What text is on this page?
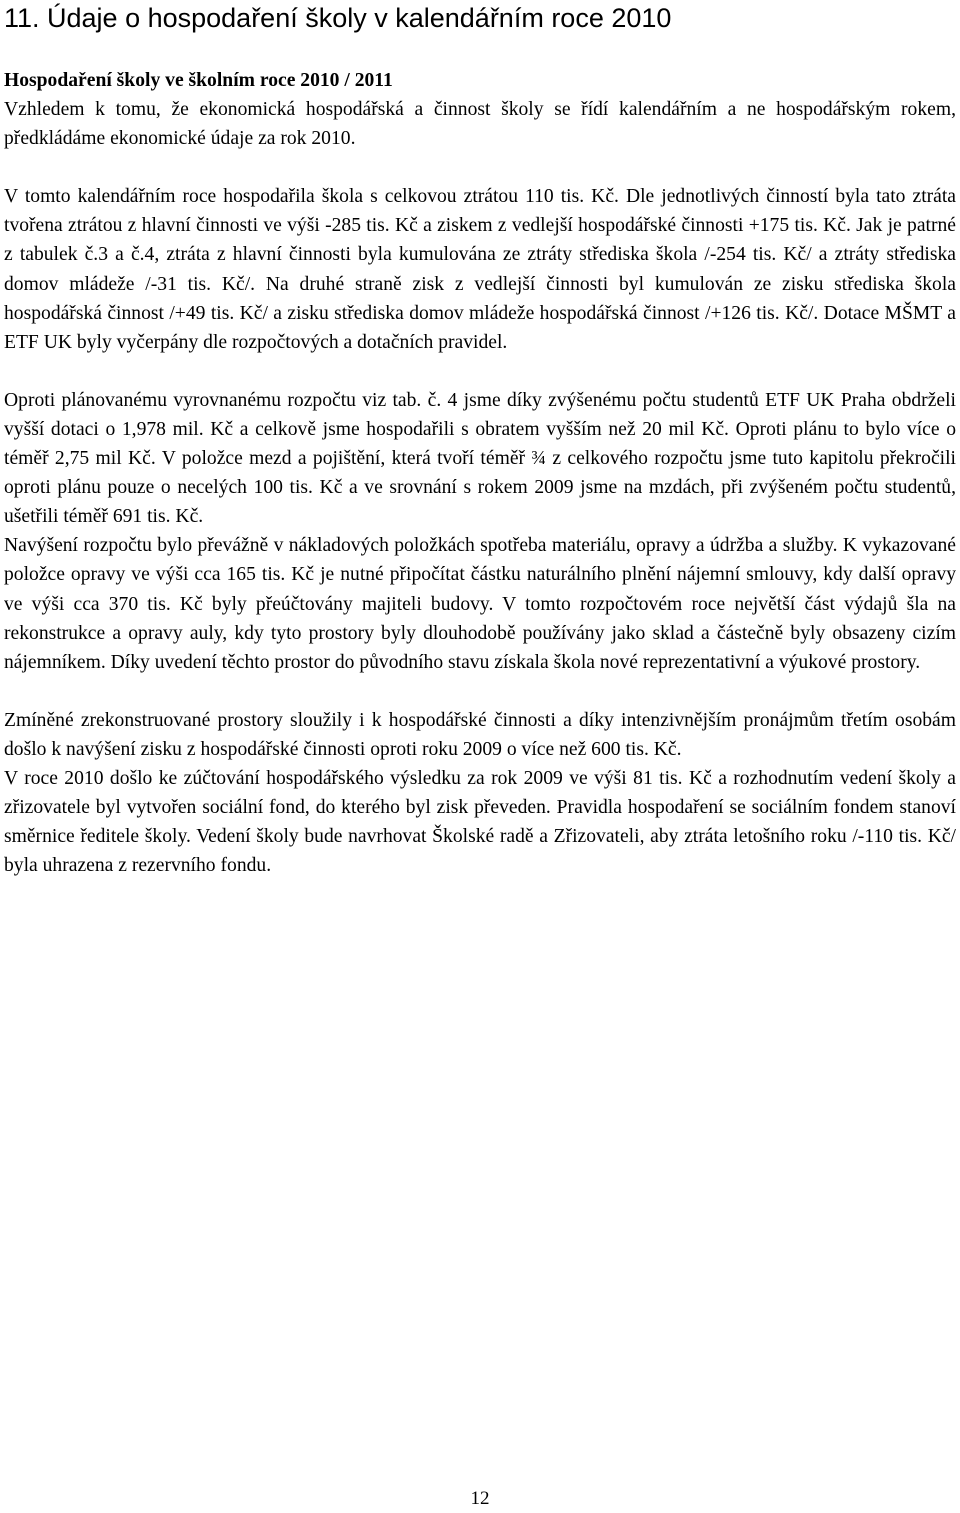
11. Údaje o hospodaření školy v kalendářním roce 2010
Hospodaření školy ve školním roce 2010 / 2011

Vzhledem k tomu, že ekonomická hospodářská a činnost školy se řídí kalendářním a ne hospodářským rokem, předkládáme ekonomické údaje za rok 2010.

V tomto kalendářním roce hospodařila škola s celkovou ztrátou 110 tis. Kč. Dle jednotlivých činností byla tato ztráta tvořena ztrátou z hlavní činnosti ve výši -285 tis. Kč a ziskem z vedlejší hospodářské činnosti +175 tis. Kč. Jak je patrné z tabulek č.3 a č.4, ztráta z hlavní činnosti byla kumulována ze ztráty střediska škola /-254 tis. Kč/ a ztráty střediska domov mládeže /-31 tis. Kč/. Na druhé straně zisk z vedlejší činnosti byl kumulován ze zisku střediska škola hospodářská činnost /+49 tis. Kč/ a zisku střediska domov mládeže hospodářská činnost /+126 tis. Kč/. Dotace MŠMT a ETF UK byly vyčerpány dle rozpočtových a dotačních pravidel.

Oproti plánovanému vyrovnanému rozpočtu viz tab. č. 4 jsme díky zvýšenému počtu studentů ETF UK Praha obdrželi vyšší dotaci o 1,978 mil. Kč a celkově jsme hospodařili s obratem vyšším než 20 mil Kč. Oproti plánu to bylo více o téměř 2,75 mil Kč. V položce mezd a pojištění, která tvoří téměř ¾ z celkového rozpočtu jsme tuto kapitolu překročili oproti plánu pouze o necelých 100 tis. Kč a ve srovnání s rokem 2009 jsme na mzdách, při zvýšeném počtu studentů, ušetřili téměř 691 tis. Kč.

Navýšení rozpočtu bylo převážně v nákladových položkách spotřeba materiálu, opravy a údržba a služby. K vykazované položce opravy ve výši cca 165 tis. Kč je nutné připočítat částku naturálního plnění nájemní smlouvy, kdy další opravy ve výši cca 370 tis. Kč byly přeúčtovány majiteli budovy. V tomto rozpočtovém roce největší část výdajů šla na rekonstrukce a opravy auly, kdy tyto prostory byly dlouhodobě používány jako sklad a částečně byly obsazeny cizím nájemníkem. Díky uvedení těchto prostor do původního stavu získala škola nové reprezentativní a výukové prostory.

Zmíněné zrekonstruované prostory sloužily i k hospodářské činnosti a díky intenzivnějším pronájmům třetím osobám došlo k navýšení zisku z hospodářské činnosti oproti roku 2009 o více než 600 tis. Kč.

V roce 2010 došlo ke zúčtování hospodářského výsledku za rok 2009 ve výši 81 tis. Kč a rozhodnutím vedení školy a zřizovatele byl vytvořen sociální fond, do kterého byl zisk převeden. Pravidla hospodaření se sociálním fondem stanoví směrnice ředitele školy. Vedení školy bude navrhovat Školské radě a Zřizovateli, aby ztráta letošního roku /-110 tis. Kč/ byla uhrazena z rezervního fondu.

12
